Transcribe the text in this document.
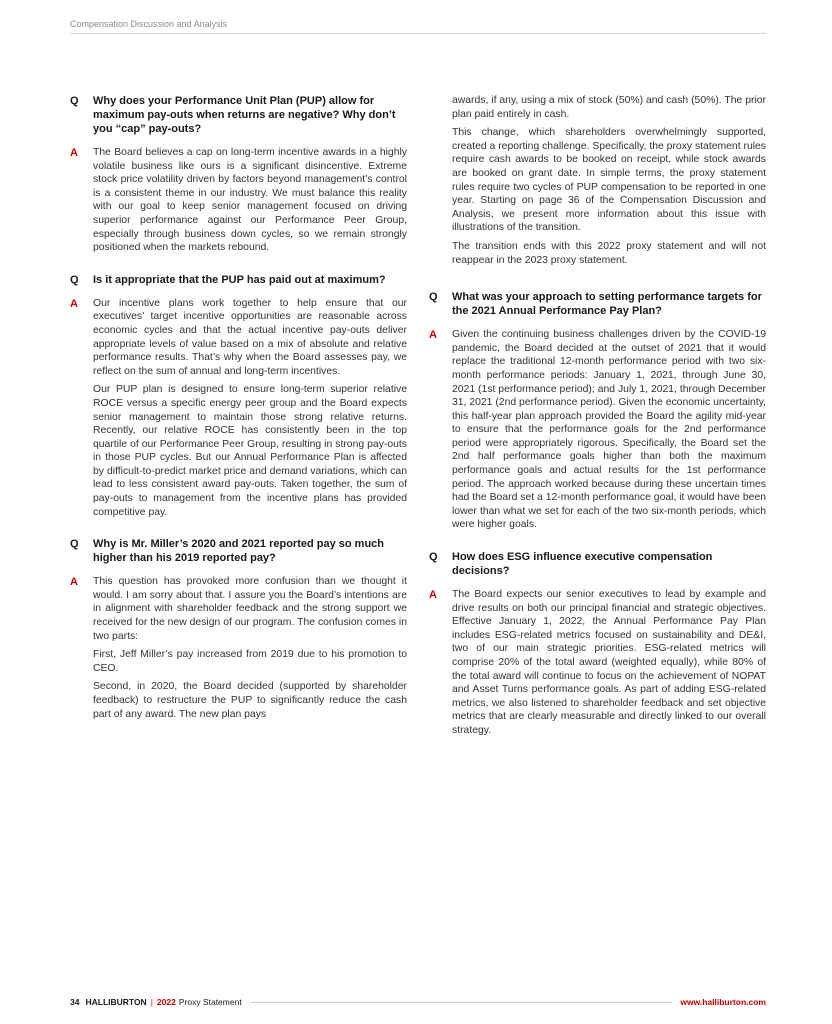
Compensation Discussion and Analysis
Q	Why does your Performance Unit Plan (PUP) allow for maximum pay-outs when returns are negative? Why don’t you “cap” pay-outs?
A	The Board believes a cap on long-term incentive awards in a highly volatile business like ours is a significant disincentive. Extreme stock price volatility driven by factors beyond management’s control is a consistent theme in our industry. We must balance this reality with our goal to keep senior management focused on driving superior performance against our Performance Peer Group, especially through business down cycles, so we remain strongly positioned when the markets rebound.

Q	Is it appropriate that the PUP has paid out at maximum?
A	Our incentive plans work together to help ensure that our executives’ target incentive opportunities are reasonable across economic cycles and that the actual incentive pay-outs deliver appropriate levels of value based on a mix of absolute and relative performance results. That’s why when the Board assesses pay, we reflect on the sum of annual and long-term incentives.

Our PUP plan is designed to ensure long-term superior relative ROCE versus a specific energy peer group and the Board expects senior management to maintain those strong relative returns. Recently, our relative ROCE has consistently been in the top quartile of our Performance Peer Group, resulting in strong pay-outs in those PUP cycles. But our Annual Performance Plan is affected by difficult-to-predict market price and demand variations, which can lead to less consistent award pay-outs. Taken together, the sum of pay-outs to management from the incentive plans has provided competitive pay.

Q	Why is Mr. Miller’s 2020 and 2021 reported pay so much higher than his 2019 reported pay?
A	This question has provoked more confusion than we thought it would. I am sorry about that. I assure you the Board’s intentions are in alignment with shareholder feedback and the strong support we received for the new design of our program. The confusion comes in two parts:

First, Jeff Miller’s pay increased from 2019 due to his promotion to CEO.

Second, in 2020, the Board decided (supported by shareholder feedback) to restructure the PUP to significantly reduce the cash part of any award. The new plan pays

awards, if any, using a mix of stock (50%) and cash (50%). The prior plan paid entirely in cash.

This change, which shareholders overwhelmingly supported, created a reporting challenge. Specifically, the proxy statement rules require cash awards to be booked on receipt, while stock awards are booked on grant date. In simple terms, the proxy statement rules require two cycles of PUP compensation to be reported in one year. Starting on page 36 of the Compensation Discussion and Analysis, we present more information about this issue with illustrations of the transition.

The transition ends with this 2022 proxy statement and will not reappear in the 2023 proxy statement.

Q	What was your approach to setting performance targets for the 2021 Annual Performance Pay Plan?
A	Given the continuing business challenges driven by the COVID-19 pandemic, the Board decided at the outset of 2021 that it would replace the traditional 12-month performance period with two six-month performance periods: January 1, 2021, through June 30, 2021 (1st performance period); and July 1, 2021, through December 31, 2021 (2nd performance period). Given the economic uncertainty, this half-year plan approach provided the Board the agility mid-year to ensure that the performance goals for the 2nd performance period were appropriately rigorous. Specifically, the Board set the 2nd half performance goals higher than both the maximum performance goals and actual results for the 1st performance period. The approach worked because during these uncertain times had the Board set a 12-month performance goal, it would have been lower than what we set for each of the two six-month periods, which were higher goals.

Q	How does ESG influence executive compensation decisions?
A	The Board expects our senior executives to lead by example and drive results on both our principal financial and strategic objectives. Effective January 1, 2022, the Annual Performance Pay Plan includes ESG-related metrics focused on sustainability and DE&I, two of our main strategic priorities. ESG-related metrics will comprise 20% of the total award (weighted equally), while 80% of the total award will continue to focus on the achievement of NOPAT and Asset Turns performance goals. As part of adding ESG-related metrics, we also listened to shareholder feedback and set objective metrics that are clearly measurable and directly linked to our overall strategy.

34 HALLIBURTON | 2022 Proxy Statement	www.halliburton.com
